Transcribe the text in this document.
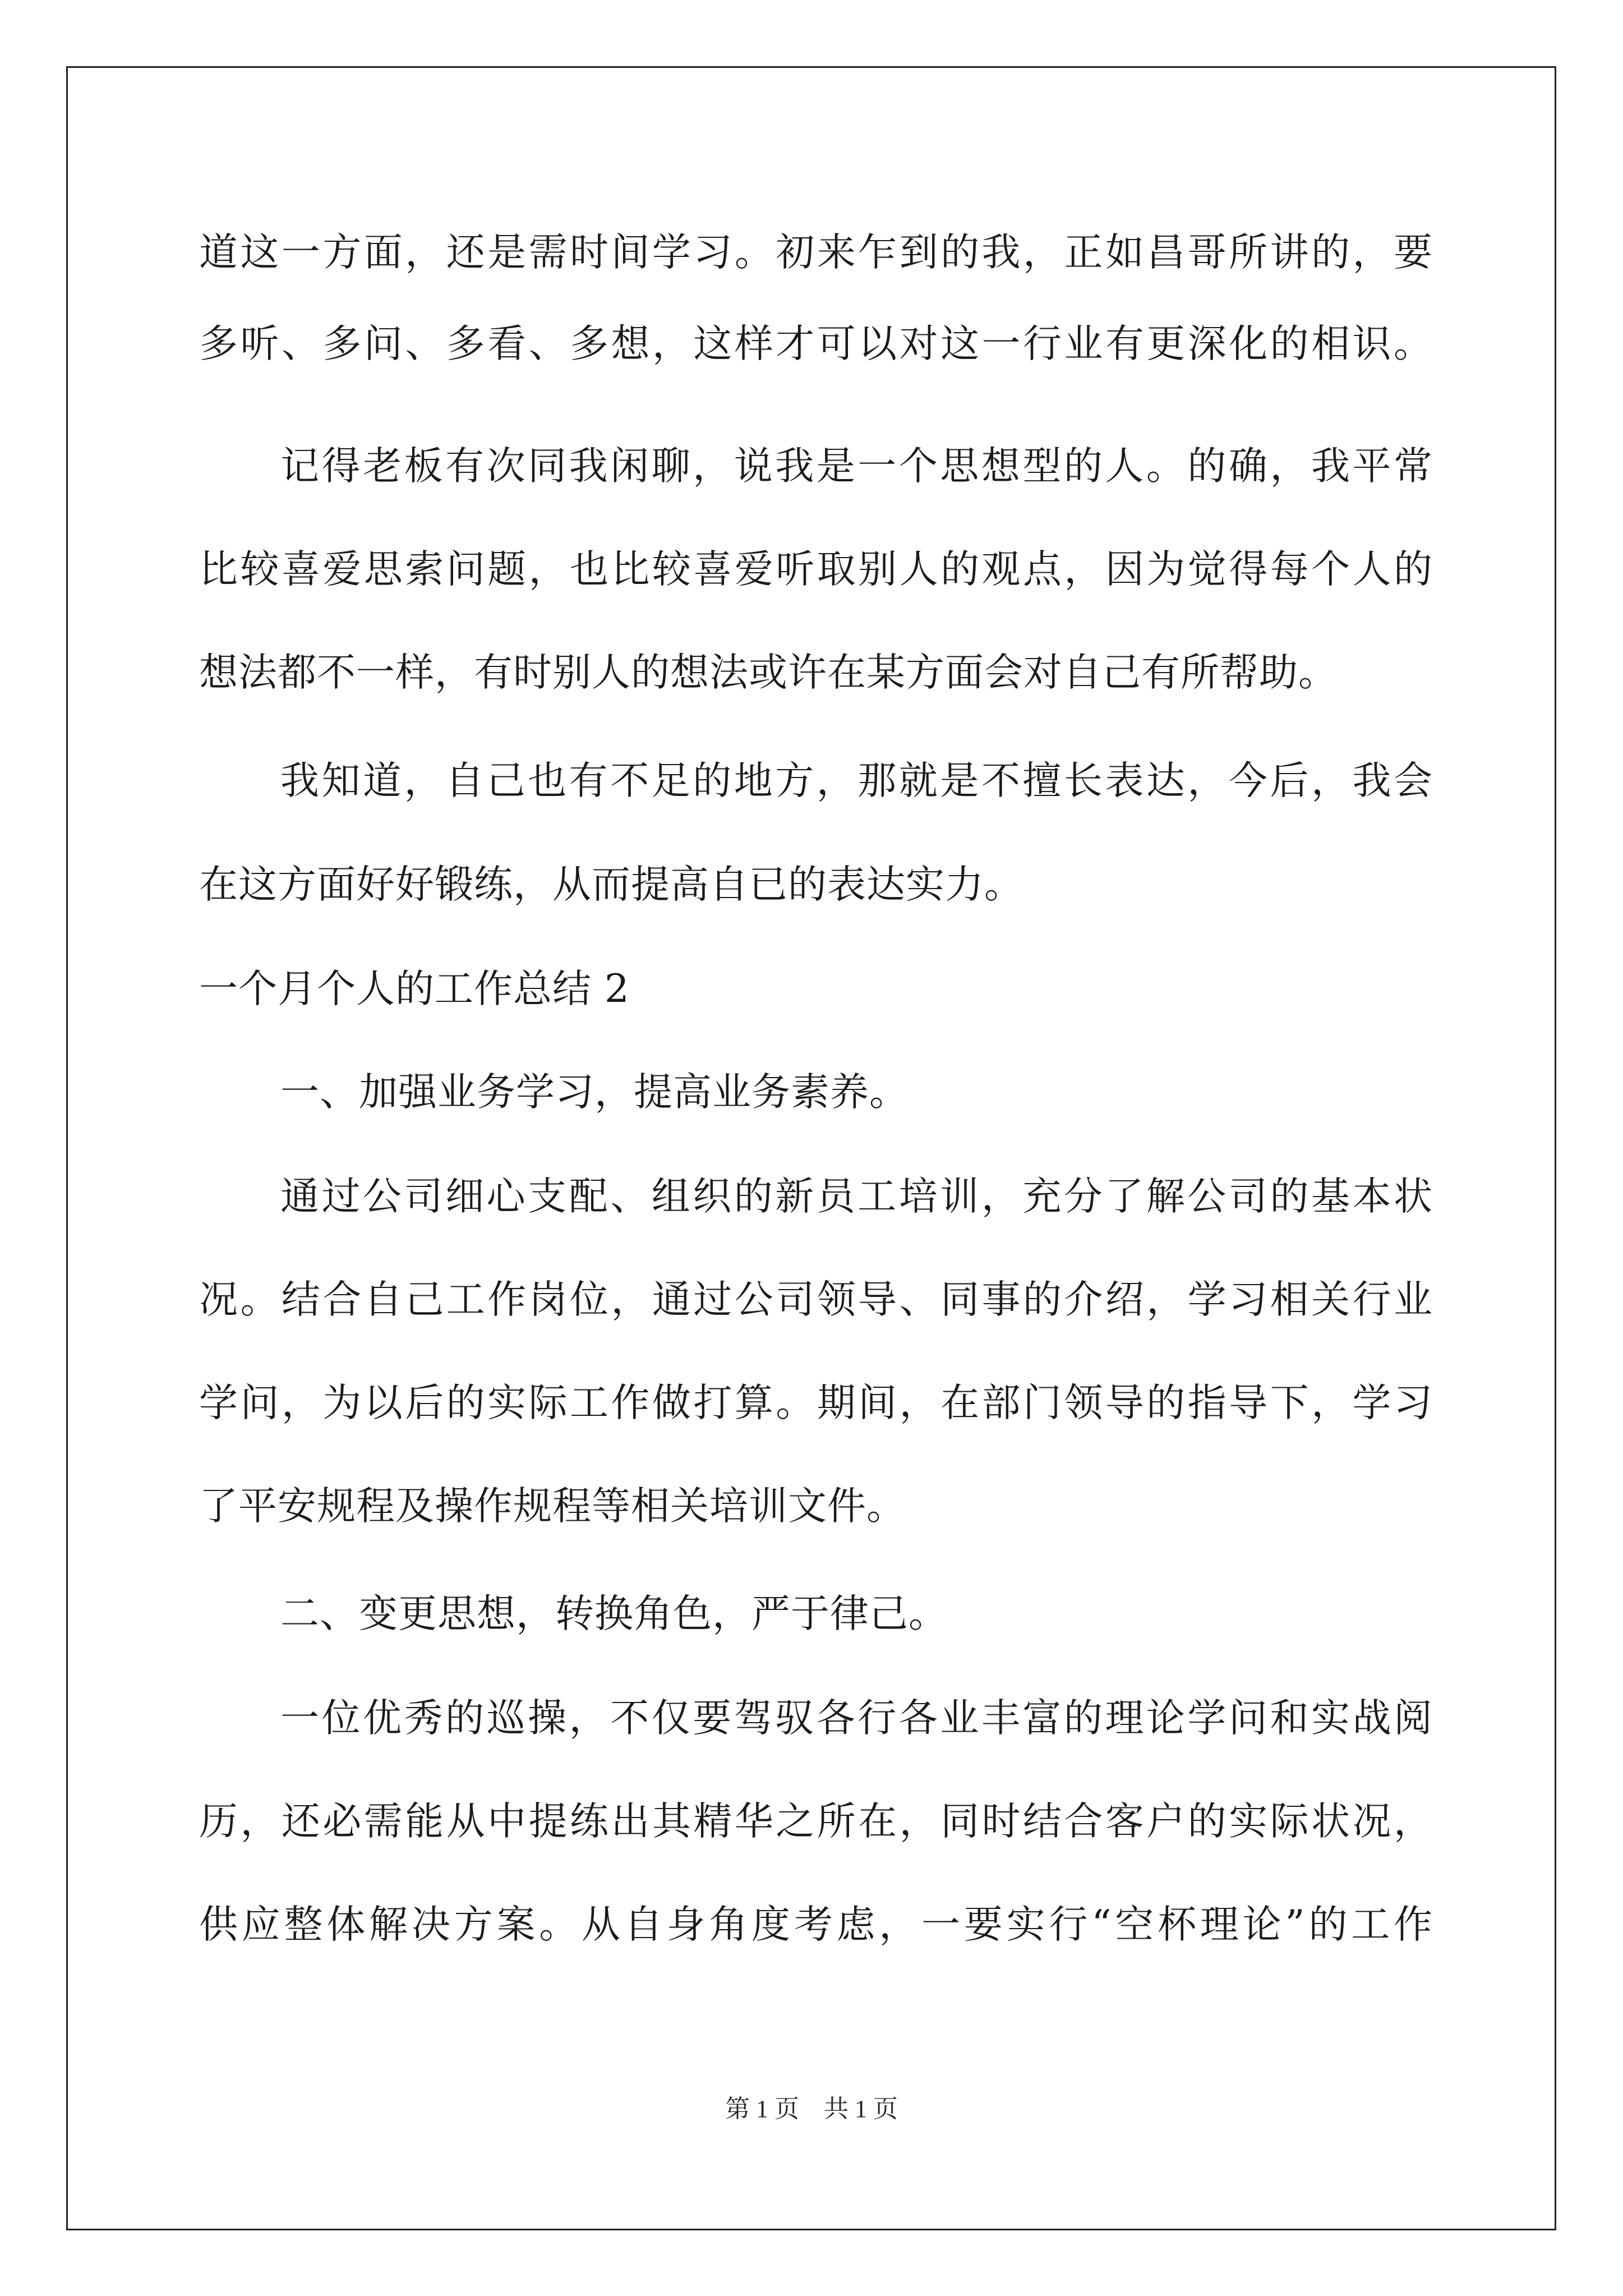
道这一方面，还是需时间学习。初来乍到的我，正如昌哥所讲的，要
多听、多问、多看、多想，这样才可以对这一行业有更深化的相识。
记得老板有次同我闲聊，说我是一个思想型的人。的确，我平常
比较喜爱思索问题，也比较喜爱听取别人的观点，因为觉得每个人的
想法都不一样，有时别人的想法或许在某方面会对自己有所帮助。
我知道，自己也有不足的地方，那就是不擅长表达，今后，我会
在这方面好好锻练，从而提高自已的表达实力。
一个月个人的工作总结 2
一、加强业务学习，提高业务素养。
通过公司细心支配、组织的新员工培训，充分了解公司的基本状
况。结合自己工作岗位，通过公司领导、同事的介绍，学习相关行业
学问，为以后的实际工作做打算。期间，在部门领导的指导下，学习
了平安规程及操作规程等相关培训文件。
二、变更思想，转换角色，严于律己。
一位优秀的巡操，不仅要驾驭各行各业丰富的理论学问和实战阅
历，还必需能从中提练出其精华之所在，同时结合客户的实际状况，
供应整体解决方案。从自身角度考虑，一要实行“空杯理论”的工作
第 1 页　共 1 页
